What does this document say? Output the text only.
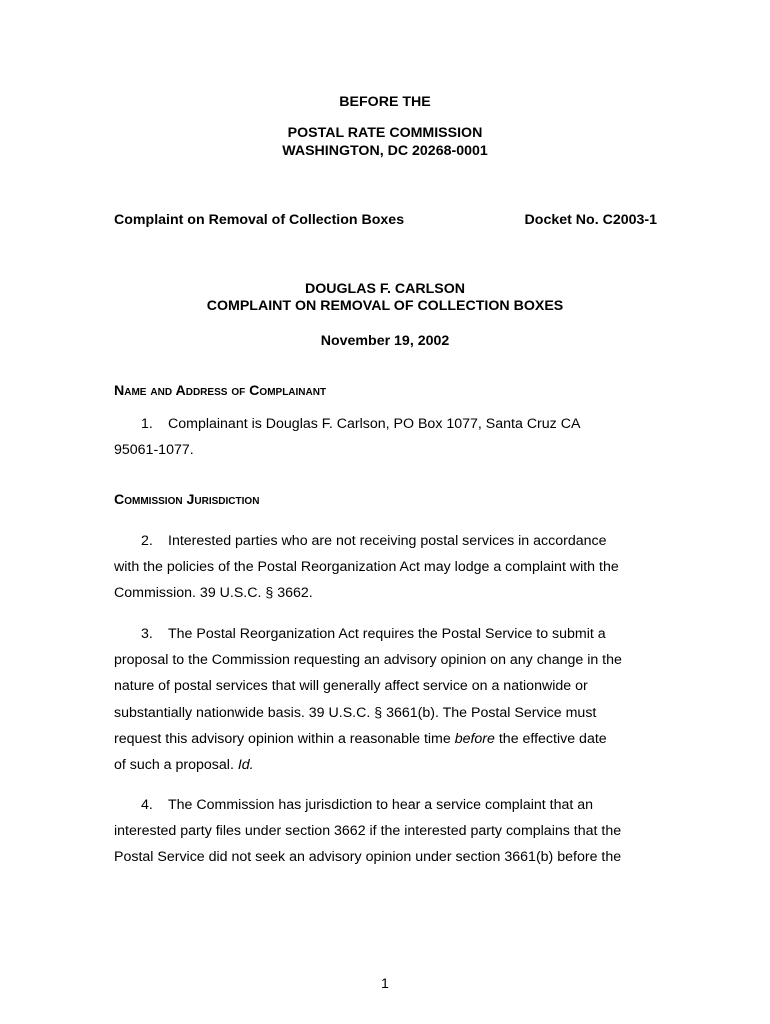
BEFORE THE
POSTAL RATE COMMISSION
WASHINGTON, DC 20268-0001
Complaint on Removal of Collection Boxes	Docket No. C2003-1
DOUGLAS F. CARLSON
COMPLAINT ON REMOVAL OF COLLECTION BOXES
November 19, 2002
Name and Address of Complainant
1. Complainant is Douglas F. Carlson, PO Box 1077, Santa Cruz CA
95061-1077.
Commission Jurisdiction
2. Interested parties who are not receiving postal services in accordance
with the policies of the Postal Reorganization Act may lodge a complaint with the
Commission. 39 U.S.C. § 3662.
3. The Postal Reorganization Act requires the Postal Service to submit a
proposal to the Commission requesting an advisory opinion on any change in the
nature of postal services that will generally affect service on a nationwide or
substantially nationwide basis. 39 U.S.C. § 3661(b). The Postal Service must
request this advisory opinion within a reasonable time before the effective date
of such a proposal. Id.
4. The Commission has jurisdiction to hear a service complaint that an
interested party files under section 3662 if the interested party complains that the
Postal Service did not seek an advisory opinion under section 3661(b) before the
1
